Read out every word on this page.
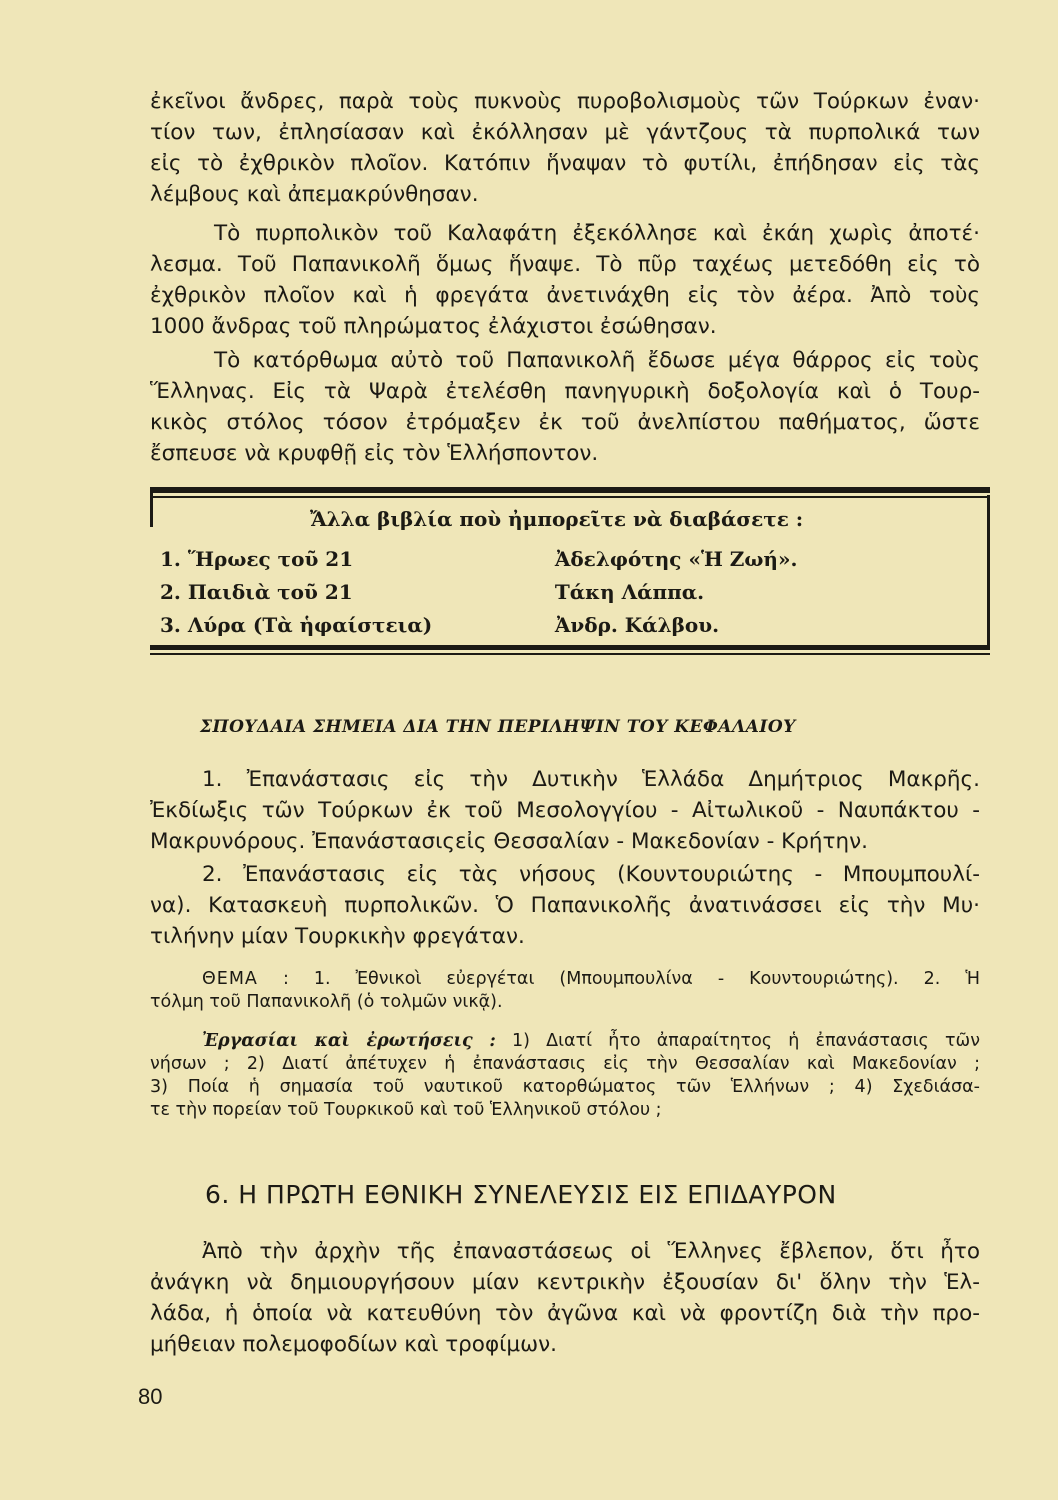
ἐκεῖνοι ἄνδρες, παρὰ τοὺς πυκνοὺς πυροβολισμοὺς τῶν Τούρκων ἐναν·
τίον των, ἐπλησίασαν καὶ ἐκόλλησαν μὲ γάντζους τὰ πυρπολικά των
εἰς τὸ ἐχθρικὸν πλοῖον. Κατόπιν ἥναψαν τὸ φυτίλι, ἐπήδησαν εἰς τὰς
λέμβους καὶ ἀπεμακρύνθησαν.
Τὸ πυρπολικὸν τοῦ Καλαφάτη ἐξεκόλλησε καὶ ἐκάη χωρὶς ἀποτέ·
λεσμα. Τοῦ Παπανικολῆ ὅμως ἥναψε. Τὸ πῦρ ταχέως μετεδόθη εἰς τὸ
ἐχθρικὸν πλοῖον καὶ ἡ φρεγάτα ἀνετινάχθη εἰς τὸν ἀέρα. Ἀπὸ τοὺς
1000 ἄνδρας τοῦ πληρώματος ἐλάχιστοι ἐσώθησαν.
Τὸ κατόρθωμα αὐτὸ τοῦ Παπανικολῆ ἔδωσε μέγα θάρρος εἰς τοὺς
Ἕλληνας. Εἰς τὰ Ψαρὰ ἐτελέσθη πανηγυρικὴ δοξολογία καὶ ὁ Τουρ-
κικὸς στόλος τόσον ἐτρόμαξεν ἐκ τοῦ ἀνελπίστου παθήματος, ὥστε
ἔσπευσε νὰ κρυφθῇ εἰς τὸν Ἑλλήσποντον.
Ἄλλα βιβλία ποὺ ἠμπορεῖτε νὰ διαβάσετε :
1. Ἥρωες τοῦ 21	Ἀδελφότης «Ἡ Ζωή».
2. Παιδιὰ τοῦ 21	Τάκη Λάππα.
3. Λύρα (Τὰ ἡφαίστεια)	Ἀνδρ. Κάλβου.
ΣΠΟΥΔΑΙΑ ΣΗΜΕΙΑ ΔΙΑ ΤΗΝ ΠΕΡΙΛΗΨΙΝ ΤΟΥ ΚΕΦΑΛΑΙΟΥ
1. Ἐπανάστασις εἰς τὴν Δυτικὴν Ἑλλάδα Δημήτριος Μακρῆς.
Ἐκδίωξις τῶν Τούρκων ἐκ τοῦ Μεσολογγίου - Αἰτωλικοῦ - Ναυπάκτου -
Μακρυνόρους. Ἐπανάστασιςεἰς Θεσσαλίαν - Μακεδονίαν - Κρήτην.
2. Ἐπανάστασις εἰς τὰς νήσους (Κουντουριώτης - Μπουμπουλί-
να). Κατασκευὴ πυρπολικῶν. Ὁ Παπανικολῆς ἀνατινάσσει εἰς τὴν Μυ·
τιλήνην μίαν Τουρκικὴν φρεγάταν.
ΘΕΜΑ : 1. Ἐθνικοὶ εὐεργέται (Μπουμπουλίνα - Κουντουριώτης). 2. Ἡ
τόλμη τοῦ Παπανικολῆ (ὁ τολμῶν νικᾷ).
Ἐργασίαι καὶ ἐρωτήσεις : 1) Διατί ἦτο ἀπαραίτητος ἡ ἐπανάστασις τῶν
νήσων ; 2) Διατί ἀπέτυχεν ἡ ἐπανάστασις εἰς τὴν Θεσσαλίαν καὶ Μακεδονίαν ;
3) Ποία ἡ σημασία τοῦ ναυτικοῦ κατορθώματος τῶν Ἑλλήνων ; 4) Σχεδιάσα-
τε τὴν πορείαν τοῦ Τουρκικοῦ καὶ τοῦ Ἑλληνικοῦ στόλου ;
6. Η ΠΡΩΤΗ ΕΘΝΙΚΗ ΣΥΝΕΛΕΥΣΙΣ ΕΙΣ ΕΠΙΔΑΥΡΟΝ
Ἀπὸ τὴν ἀρχὴν τῆς ἐπαναστάσεως οἱ Ἕλληνες ἔβλεπον, ὅτι ἦτο
ἀνάγκη νὰ δημιουργήσουν μίαν κεντρικὴν ἐξουσίαν δι' ὅλην τὴν Ἑλ-
λάδα, ἡ ὁποία νὰ κατευθύνη τὸν ἀγῶνα καὶ νὰ φροντίζη διὰ τὴν προ-
μήθειαν πολεμοφοδίων καὶ τροφίμων.
80
